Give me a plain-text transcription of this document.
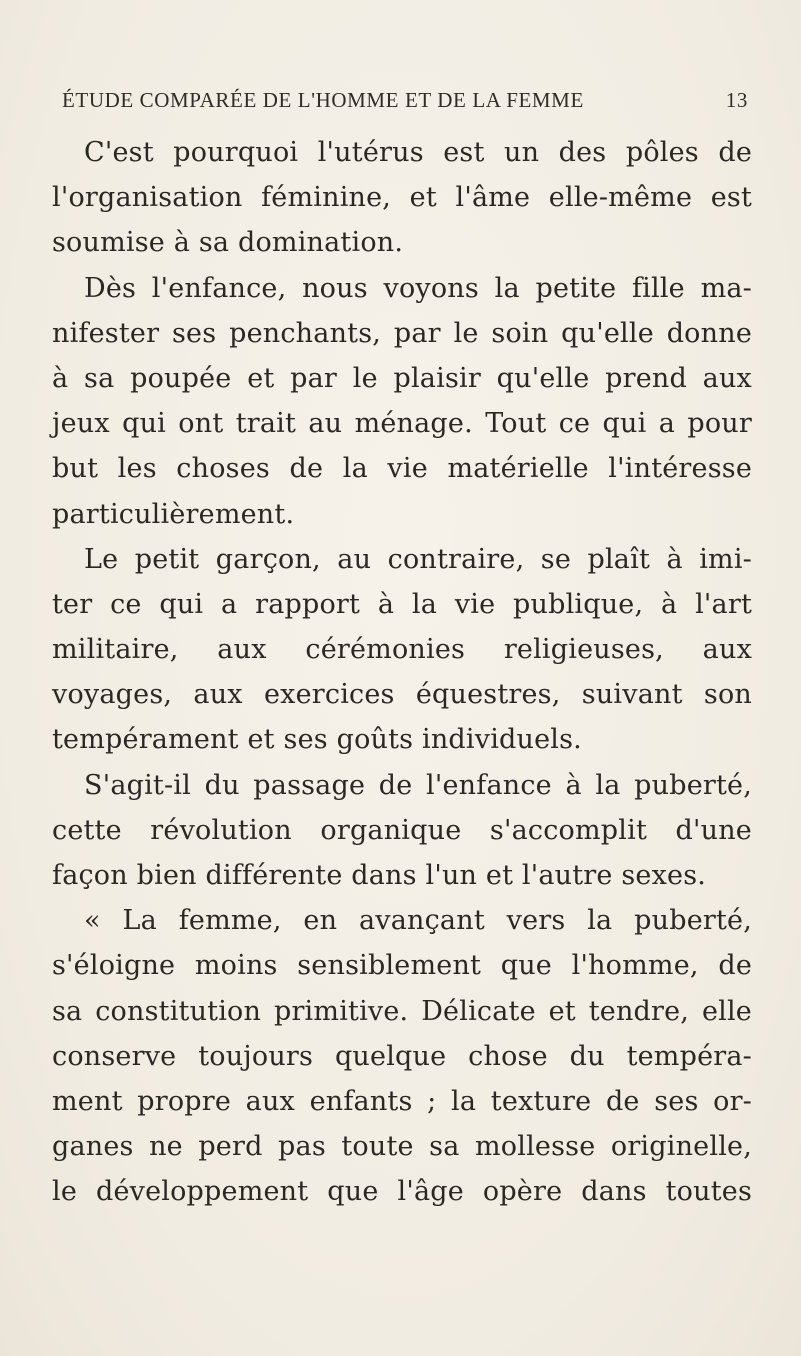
ÉTUDE COMPARÉE DE L'HOMME ET DE LA FEMME	13
C'est pourquoi l'utérus est un des pôles de
l'organisation féminine, et l'âme elle-même est
soumise à sa domination.
Dès l'enfance, nous voyons la petite fille ma-
nifester ses penchants, par le soin qu'elle donne
à sa poupée et par le plaisir qu'elle prend aux
jeux qui ont trait au ménage. Tout ce qui a pour
but les choses de la vie matérielle l'intéresse
particulièrement.
Le petit garçon, au contraire, se plaît à imi-
ter ce qui a rapport à la vie publique, à l'art
militaire, aux cérémonies religieuses, aux
voyages, aux exercices équestres, suivant son
tempérament et ses goûts individuels.
S'agit-il du passage de l'enfance à la puberté,
cette révolution organique s'accomplit d'une
façon bien différente dans l'un et l'autre sexes.
« La femme, en avançant vers la puberté,
s'éloigne moins sensiblement que l'homme, de
sa constitution primitive. Délicate et tendre, elle
conserve toujours quelque chose du tempéra-
ment propre aux enfants ; la texture de ses or-
ganes ne perd pas toute sa mollesse originelle,
le développement que l'âge opère dans toutes
